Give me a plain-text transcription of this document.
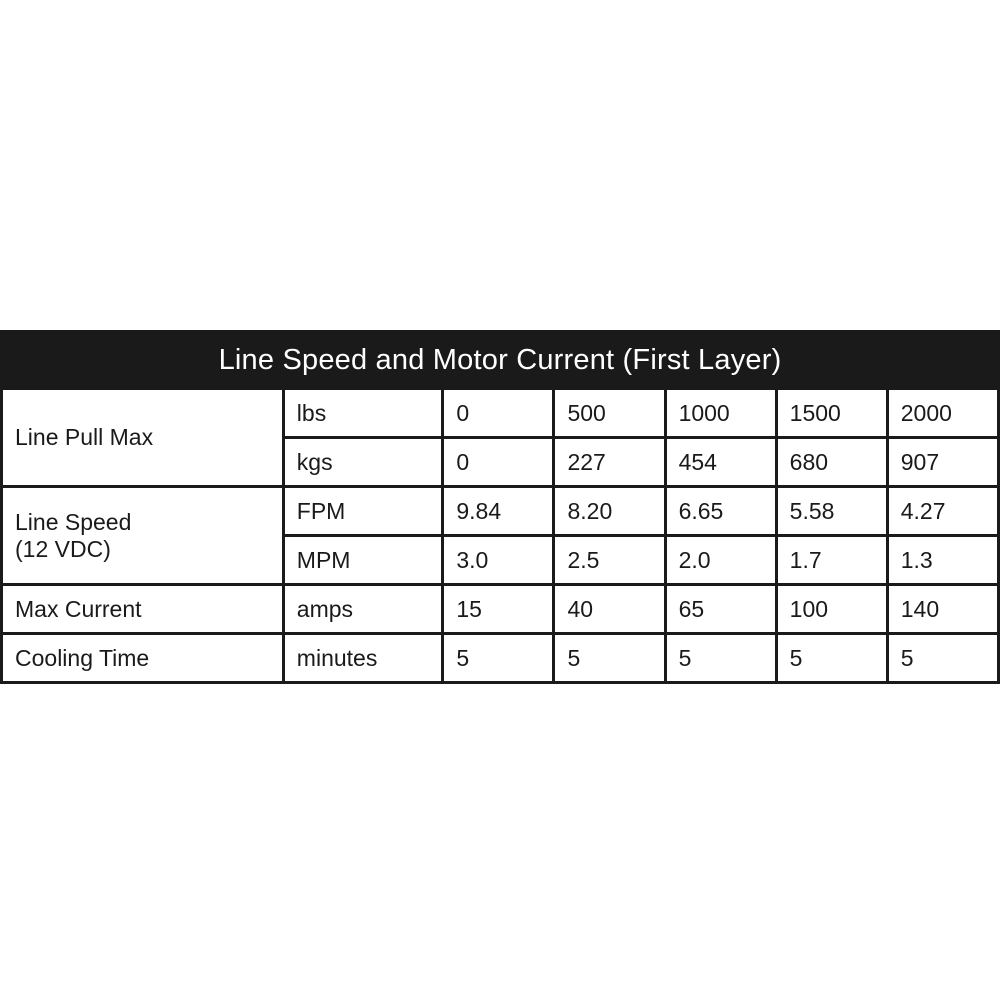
Line Speed and Motor Current (First Layer)						
Line Pull Max	lbs	0	500	1000	1500	2000
	kgs	0	227	454	680	907
Line Speed
(12 VDC)	FPM	9.84	8.20	6.65	5.58	4.27
	MPM	3.0	2.5	2.0	1.7	1.3
Max Current	amps	15	40	65	100	140
Cooling Time	minutes	5	5	5	5	5
